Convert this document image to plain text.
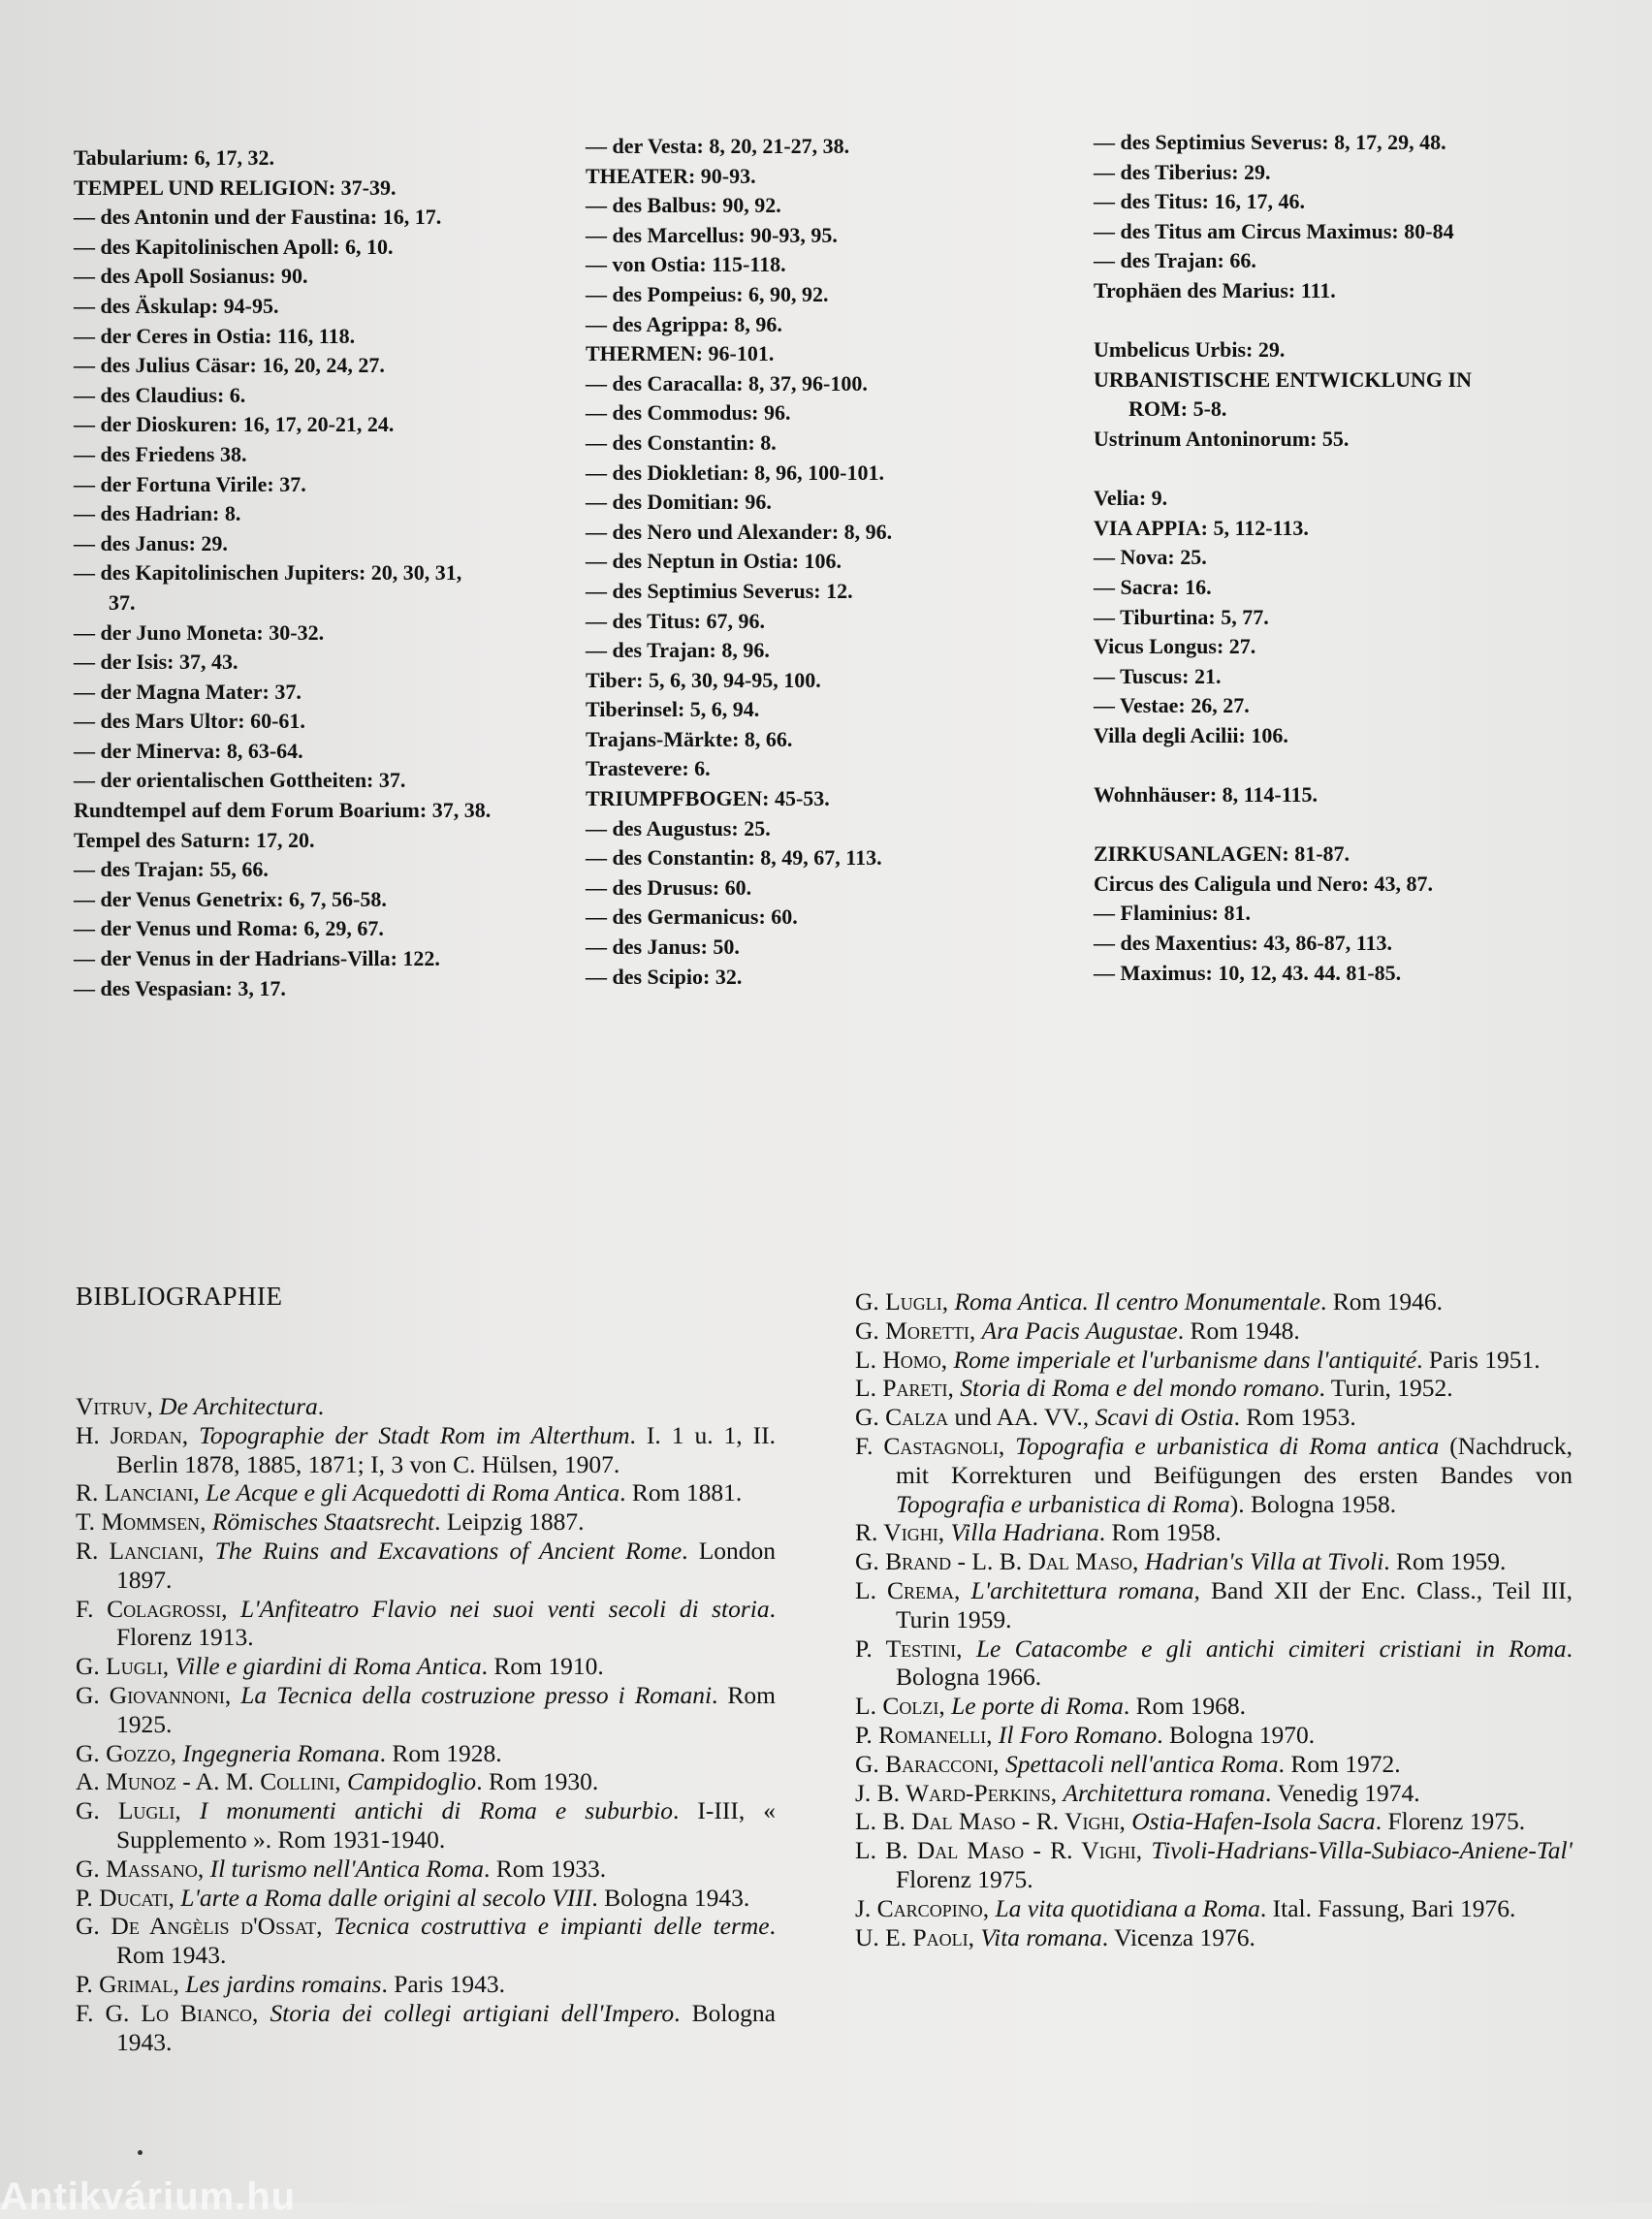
Tabularium: 6, 17, 32.
TEMPEL UND RELIGION: 37-39.
— des Antonin und der Faustina: 16, 17.
— des Kapitolinischen Apoll: 6, 10.
— des Apoll Sosianus: 90.
— des Äskulap: 94-95.
— der Ceres in Ostia: 116, 118.
— des Julius Cäsar: 16, 20, 24, 27.
— des Claudius: 6.
— der Dioskuren: 16, 17, 20-21, 24.
— des Friedens 38.
— der Fortuna Virile: 37.
— des Hadrian: 8.
— des Janus: 29.
— des Kapitolinischen Jupiters: 20, 30, 31,
37.
— der Juno Moneta: 30-32.
— der Isis: 37, 43.
— der Magna Mater: 37.
— des Mars Ultor: 60-61.
— der Minerva: 8, 63-64.
— der orientalischen Gottheiten: 37.
Rundtempel auf dem Forum Boarium: 37, 38.
Tempel des Saturn: 17, 20.
— des Trajan: 55, 66.
— der Venus Genetrix: 6, 7, 56-58.
— der Venus und Roma: 6, 29, 67.
— der Venus in der Hadrians-Villa: 122.
— des Vespasian: 3, 17.
— der Vesta: 8, 20, 21-27, 38.
THEATER: 90-93.
— des Balbus: 90, 92.
— des Marcellus: 90-93, 95.
— von Ostia: 115-118.
— des Pompeius: 6, 90, 92.
— des Agrippa: 8, 96.
THERMEN: 96-101.
— des Caracalla: 8, 37, 96-100.
— des Commodus: 96.
— des Constantin: 8.
— des Diokletian: 8, 96, 100-101.
— des Domitian: 96.
— des Nero und Alexander: 8, 96.
— des Neptun in Ostia: 106.
— des Septimius Severus: 12.
— des Titus: 67, 96.
— des Trajan: 8, 96.
Tiber: 5, 6, 30, 94-95, 100.
Tiberinsel: 5, 6, 94.
Trajans-Märkte: 8, 66.
Trastevere: 6.
TRIUMPFBOGEN: 45-53.
— des Augustus: 25.
— des Constantin: 8, 49, 67, 113.
— des Drusus: 60.
— des Germanicus: 60.
— des Janus: 50.
— des Scipio: 32.
— des Septimius Severus: 8, 17, 29, 48.
— des Tiberius: 29.
— des Titus: 16, 17, 46.
— des Titus am Circus Maximus: 80-84
— des Trajan: 66.
Trophäen des Marius: 111.
Umbelicus Urbis: 29.
URBANISTISCHE ENTWICKLUNG IN
ROM: 5-8.
Ustrinum Antoninorum: 55.
Velia: 9.
VIA APPIA: 5, 112-113.
— Nova: 25.
— Sacra: 16.
— Tiburtina: 5, 77.
Vicus Longus: 27.
— Tuscus: 21.
— Vestae: 26, 27.
Villa degli Acilii: 106.
Wohnhäuser: 8, 114-115.
ZIRKUSANLAGEN: 81-87.
Circus des Caligula und Nero: 43, 87.
— Flaminius: 81.
— des Maxentius: 43, 86-87, 113.
— Maximus: 10, 12, 43. 44. 81-85.
BIBLIOGRAPHIE
Vitruv, De Architectura.
H. Jordan, Topographie der Stadt Rom im Alterthum. I. 1 u. 1, II. Berlin 1878, 1885, 1871; I, 3 von C. Hülsen, 1907.
R. Lanciani, Le Acque e gli Acquedotti di Roma Antica. Rom 1881.
T. Mommsen, Römisches Staatsrecht. Leipzig 1887.
R. Lanciani, The Ruins and Excavations of Ancient Rome. London 1897.
F. Colagrossi, L'Anfiteatro Flavio nei suoi venti secoli di storia. Florenz 1913.
G. Lugli, Ville e giardini di Roma Antica. Rom 1910.
G. Giovannoni, La Tecnica della costruzione presso i Romani. Rom 1925.
G. Gozzo, Ingegneria Romana. Rom 1928.
A. Munoz - A. M. Collini, Campidoglio. Rom 1930.
G. Lugli, I monumenti antichi di Roma e suburbio. I-III, « Supplemento ». Rom 1931-1940.
G. Massano, Il turismo nell'Antica Roma. Rom 1933.
P. Ducati, L'arte a Roma dalle origini al secolo VIII. Bologna 1943.
G. De Angèlis d'Ossat, Tecnica costruttiva e impianti delle terme. Rom 1943.
P. Grimal, Les jardins romains. Paris 1943.
F. G. Lo Bianco, Storia dei collegi artigiani dell'Impero. Bologna 1943.
G. Lugli, Roma Antica. Il centro Monumentale. Rom 1946.
G. Moretti, Ara Pacis Augustae. Rom 1948.
L. Homo, Rome imperiale et l'urbanisme dans l'antiquité. Paris 1951.
L. Pareti, Storia di Roma e del mondo romano. Turin, 1952.
G. Calza und AA. VV., Scavi di Ostia. Rom 1953.
F. Castagnoli, Topografia e urbanistica di Roma antica (Nachdruck, mit Korrekturen und Beifügungen des ersten Bandes von Topografia e urbanistica di Roma). Bologna 1958.
R. Vighi, Villa Hadriana. Rom 1958.
G. Brand - L. B. Dal Maso, Hadrian's Villa at Tivoli. Rom 1959.
L. Crema, L'architettura romana, Band XII der Enc. Class., Teil III, Turin 1959.
P. Testini, Le Catacombe e gli antichi cimiteri cristiani in Roma. Bologna 1966.
L. Colzi, Le porte di Roma. Rom 1968.
P. Romanelli, Il Foro Romano. Bologna 1970.
G. Baracconi, Spettacoli nell'antica Roma. Rom 1972.
J. B. Ward-Perkins, Architettura romana. Venedig 1974.
L. B. Dal Maso - R. Vighi, Ostia-Hafen-Isola Sacra. Florenz 1975.
L. B. Dal Maso - R. Vighi, Tivoli-Hadrians-Villa-Subiaco-Aniene-Tal' Florenz 1975.
J. Carcopino, La vita quotidiana a Roma. Ital. Fassung, Bari 1976.
U. E. Paoli, Vita romana. Vicenza 1976.
Antikvárium.hu
